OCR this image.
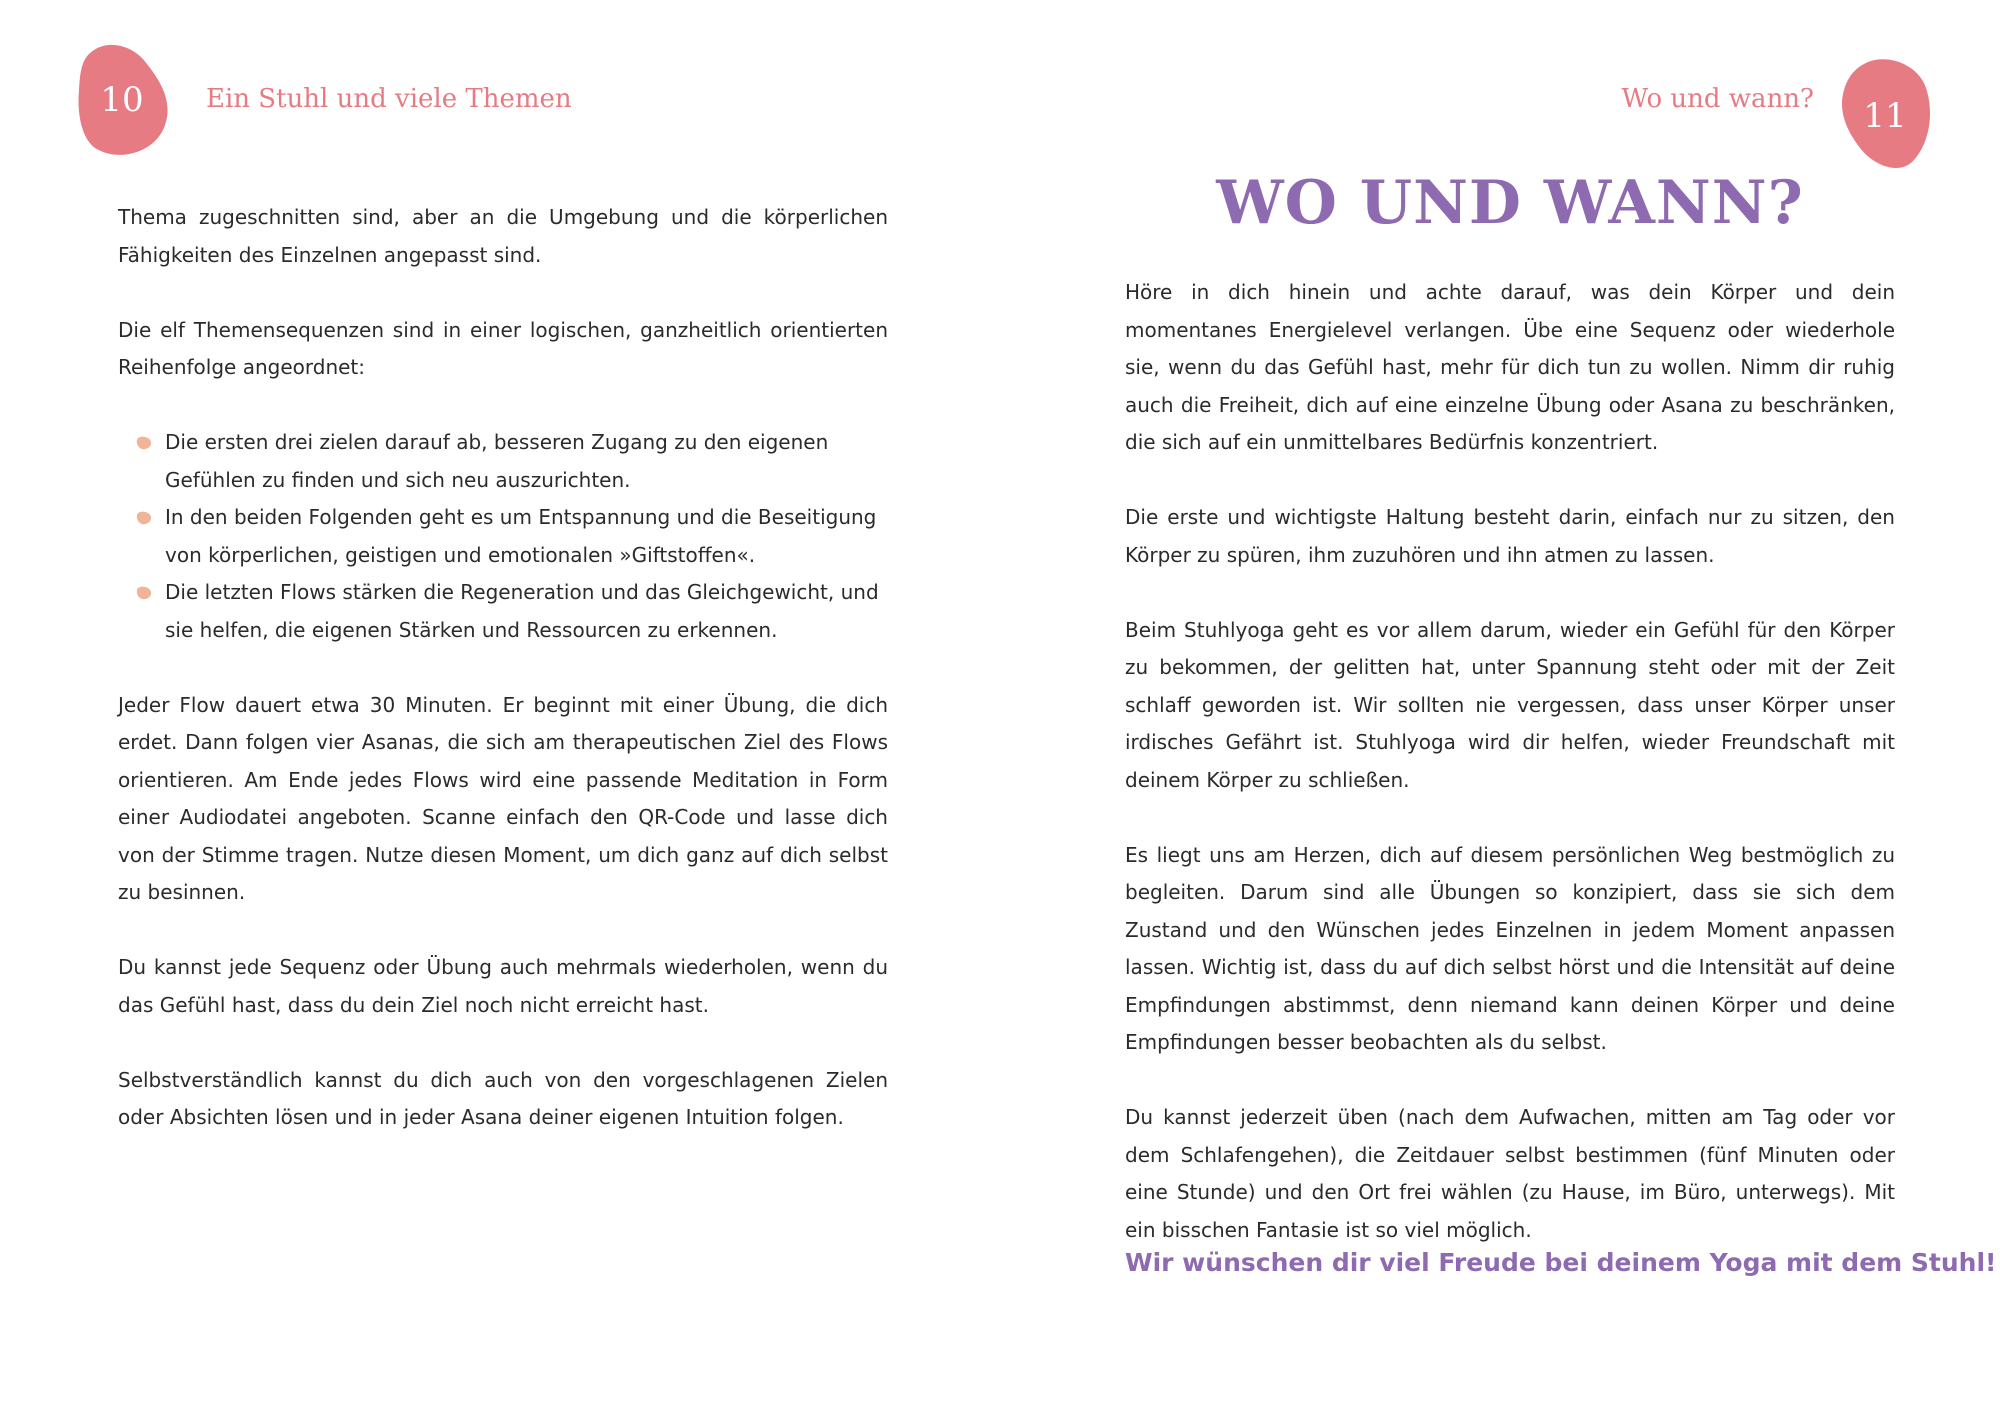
10	Ein Stuhl und viele Themen

Thema zugeschnitten sind, aber an die Umgebung und die körperlichen Fähigkeiten des Einzelnen angepasst sind.

Die elf Themensequenzen sind in einer logischen, ganzheitlich orientierten Reihenfolge angeordnet:

Die ersten drei zielen darauf ab, besseren Zugang zu den eigenen Gefühlen zu finden und sich neu auszurichten.
In den beiden Folgenden geht es um Entspannung und die Beseitigung von körperlichen, geistigen und emotionalen »Giftstoffen«.
Die letzten Flows stärken die Regeneration und das Gleichgewicht, und sie helfen, die eigenen Stärken und Ressourcen zu erkennen.

Jeder Flow dauert etwa 30 Minuten. Er beginnt mit einer Übung, die dich erdet. Dann folgen vier Asanas, die sich am therapeutischen Ziel des Flows orientieren. Am Ende jedes Flows wird eine passende Meditation in Form einer Audiodatei angeboten. Scanne einfach den QR-Code und lasse dich von der Stimme tragen. Nutze diesen Moment, um dich ganz auf dich selbst zu besinnen.

Du kannst jede Sequenz oder Übung auch mehrmals wiederholen, wenn du das Gefühl hast, dass du dein Ziel noch nicht erreicht hast.

Selbstverständlich kannst du dich auch von den vorgeschlagenen Zielen oder Absichten lösen und in jeder Asana deiner eigenen Intuition folgen.

Wo und wann?	11
WO UND WANN?

Höre in dich hinein und achte darauf, was dein Körper und dein momentanes Energielevel verlangen. Übe eine Sequenz oder wiederhole sie, wenn du das Gefühl hast, mehr für dich tun zu wollen. Nimm dir ruhig auch die Freiheit, dich auf eine einzelne Übung oder Asana zu beschränken, die sich auf ein unmittelbares Bedürfnis konzentriert.

Die erste und wichtigste Haltung besteht darin, einfach nur zu sitzen, den Körper zu spüren, ihm zuzuhören und ihn atmen zu lassen.

Beim Stuhlyoga geht es vor allem darum, wieder ein Gefühl für den Körper zu bekommen, der gelitten hat, unter Spannung steht oder mit der Zeit schlaff geworden ist. Wir sollten nie vergessen, dass unser Körper unser irdisches Gefährt ist. Stuhlyoga wird dir helfen, wieder Freundschaft mit deinem Körper zu schließen.

Es liegt uns am Herzen, dich auf diesem persönlichen Weg bestmöglich zu begleiten. Darum sind alle Übungen so konzipiert, dass sie sich dem Zustand und den Wünschen jedes Einzelnen in jedem Moment anpassen lassen. Wichtig ist, dass du auf dich selbst hörst und die Intensität auf deine Empfindungen abstimmst, denn niemand kann deinen Körper und deine Empfindungen besser beobachten als du selbst.

Du kannst jederzeit üben (nach dem Aufwachen, mitten am Tag oder vor dem Schlafengehen), die Zeitdauer selbst bestimmen (fünf Minuten oder eine Stunde) und den Ort frei wählen (zu Hause, im Büro, unterwegs). Mit ein bisschen Fantasie ist so viel möglich.

Wir wünschen dir viel Freude bei deinem Yoga mit dem Stuhl!
